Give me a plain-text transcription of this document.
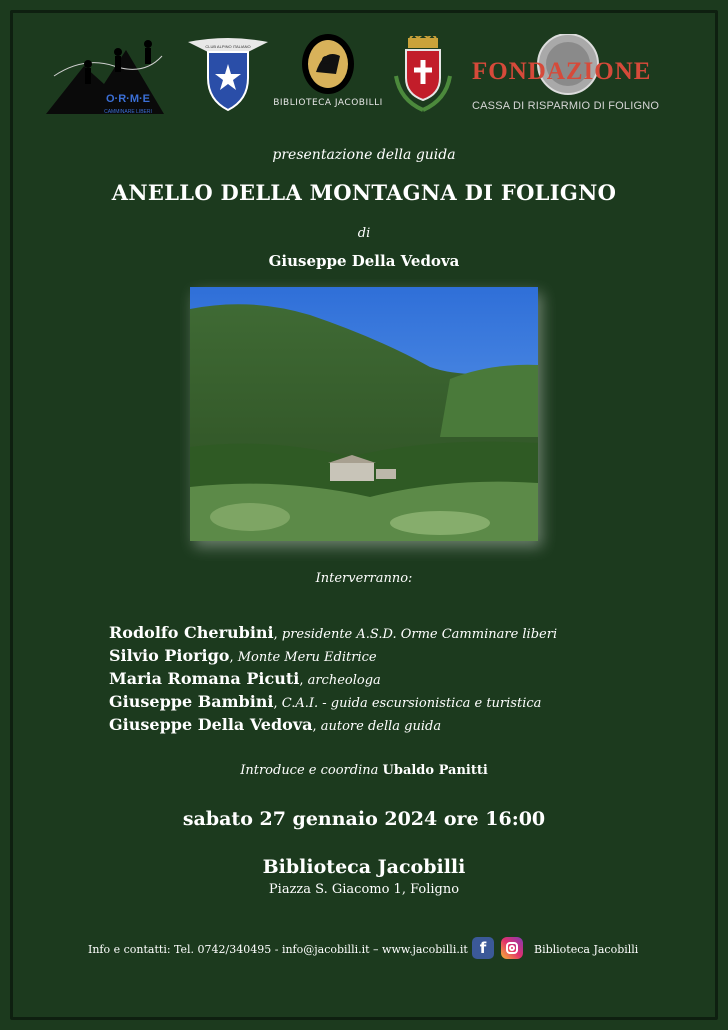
O·R·M·E
CAMMINARE LIBERI
CLUB ALPINO ITALIANO
BIBLIOTECA JACOBILLI
FONDAZIONE
CASSA DI RISPARMIO DI FOLIGNO
presentazione della guida
ANELLO DELLA MONTAGNA DI FOLIGNO
di
Giuseppe Della Vedova
Interverranno:
Rodolfo Cherubini, presidente A.S.D. Orme Camminare liberi
Silvio Piorigo, Monte Meru Editrice
Maria Romana Picuti, archeologa
Giuseppe Bambini, C.A.I. - guida escursionistica e turistica
Giuseppe Della Vedova, autore della guida
Introduce e coordina Ubaldo Panitti
sabato 27 gennaio 2024 ore 16:00
Biblioteca Jacobilli
Piazza S. Giacomo 1, Foligno
Info e contatti: Tel. 0742/340495 - info@jacobilli.it – www.jacobilli.it f	Biblioteca Jacobilli
